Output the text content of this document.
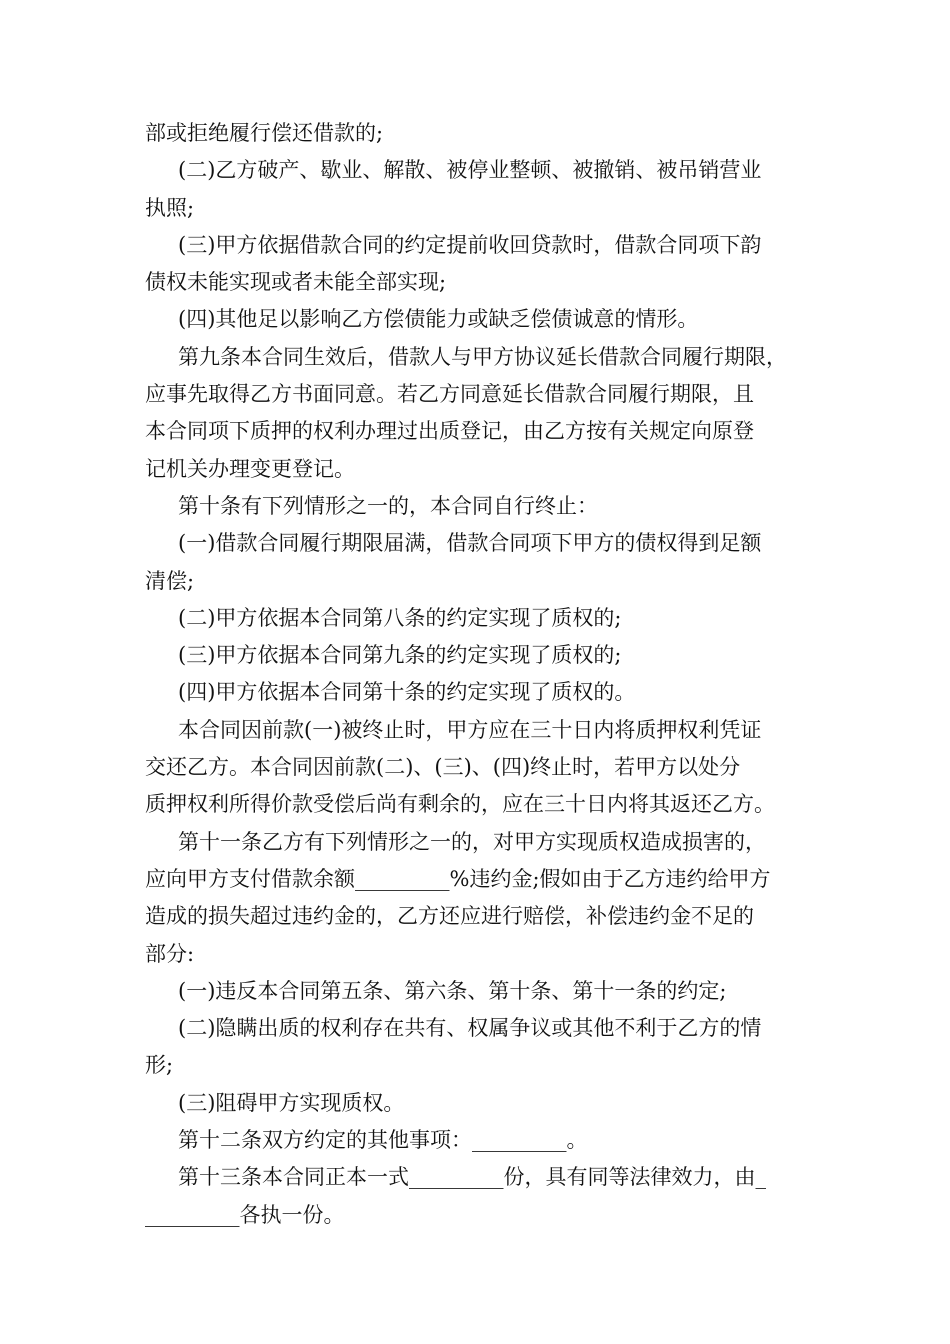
部或拒绝履行偿还借款的;
(二)乙方破产、歇业、解散、被停业整顿、被撤销、被吊销营业
执照;
(三)甲方依据借款合同的约定提前收回贷款时，借款合同项下韵
债权未能实现或者未能全部实现;
(四)其他足以影响乙方偿债能力或缺乏偿债诚意的情形。
第九条本合同生效后，借款人与甲方协议延长借款合同履行期限，
应事先取得乙方书面同意。若乙方同意延长借款合同履行期限，且
本合同项下质押的权利办理过出质登记，由乙方按有关规定向原登
记机关办理变更登记。
第十条有下列情形之一的，本合同自行终止：
(一)借款合同履行期限届满，借款合同项下甲方的债权得到足额
清偿;
(二)甲方依据本合同第八条的约定实现了质权的;
(三)甲方依据本合同第九条的约定实现了质权的;
(四)甲方依据本合同第十条的约定实现了质权的。
本合同因前款(一)被终止时，甲方应在三十日内将质押权利凭证
交还乙方。本合同因前款(二)、(三)、(四)终止时，若甲方以处分
质押权利所得价款受偿后尚有剩余的，应在三十日内将其返还乙方。
第十一条乙方有下列情形之一的，对甲方实现质权造成损害的，
应向甲方支付借款余额_________%违约金;假如由于乙方违约给甲方
造成的损失超过违约金的，乙方还应进行赔偿，补偿违约金不足的
部分:
(一)违反本合同第五条、第六条、第十条、第十一条的约定;
(二)隐瞒出质的权利存在共有、权属争议或其他不利于乙方的情
形;
(三)阻碍甲方实现质权。
第十二条双方约定的其他事项：_________。
第十三条本合同正本一式_________份，具有同等法律效力，由_
_________各执一份。
